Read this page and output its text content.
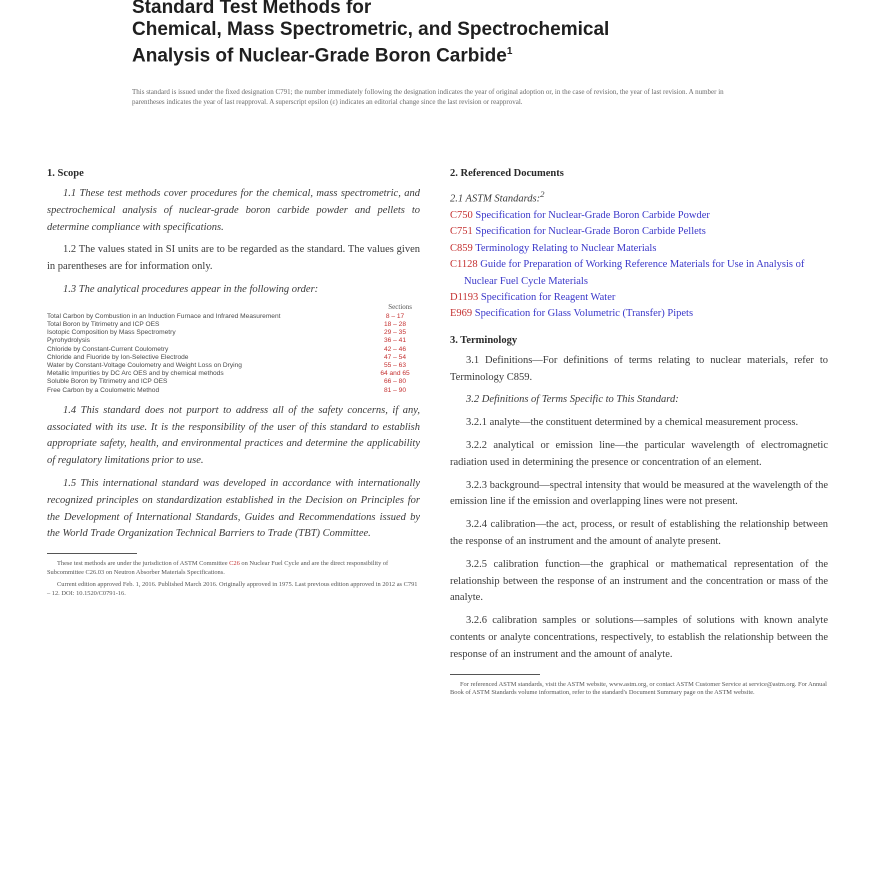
Standard Test Methods for
Chemical, Mass Spectrometric, and Spectrochemical
Analysis of Nuclear-Grade Boron Carbide$^1$
This standard is issued under the fixed designation C791; the number immediately following the designation indicates the year of original adoption or, in the case of revision, the year of last revision. A number in parentheses indicates the year of last reapproval. A superscript epsilon (ε) indicates an editorial change since the last revision or reapproval.
1. Scope

1.1 These test methods cover procedures for the chemical, mass spectrometric, and spectrochemical analysis of nuclear-grade boron carbide powder and pellets to determine compliance with specifications.

1.2 The values stated in SI units are to be regarded as the standard. The values given in parentheses are for information only.

1.3 The analytical procedures appear in the following order:

Sections
Total Carbon by Combustion in an Induction Furnace and Infrared Measurement	8 – 17
Total Boron by Titrimetry and ICP OES	18 – 28
Isotopic Composition by Mass Spectrometry	29 – 35
Pyrohydrolysis	36 – 41
Chloride by Constant-Current Coulometry	42 – 46
Chloride and Fluoride by Ion-Selective Electrode	47 – 54
Water by Constant-Voltage Coulometry and Weight Loss on Drying	55 – 63
Metallic Impurities by DC Arc OES and by chemical methods	64 and 65
Soluble Boron by Titrimetry and ICP OES	66 – 80
Free Carbon by a Coulometric Method	81 – 90

1.4 This standard does not purport to address all of the safety concerns, if any, associated with its use. It is the responsibility of the user of this standard to establish appropriate safety, health, and environmental practices and determine the applicability of regulatory limitations prior to use.

1.5 This international standard was developed in accordance with internationally recognized principles on standardization established in the Decision on Principles for the Development of International Standards, Guides and Recommendations issued by the World Trade Organization Technical Barriers to Trade (TBT) Committee.

These test methods are under the jurisdiction of ASTM Committee C26 on Nuclear Fuel Cycle and are the direct responsibility of Subcommittee C26.03 on Neutron Absorber Materials Specifications.

Current edition approved Feb. 1, 2016. Published March 2016. Originally approved in 1975. Last previous edition approved in 2012 as C791 – 12. DOI: 10.1520/C0791-16.

2. Referenced Documents

2.1 ASTM Standards:$^2$

C750 Specification for Nuclear-Grade Boron Carbide Powder

C751 Specification for Nuclear-Grade Boron Carbide Pellets

C859 Terminology Relating to Nuclear Materials

C1128 Guide for Preparation of Working Reference Materials for Use in Analysis of Nuclear Fuel Cycle Materials

D1193 Specification for Reagent Water

E969 Specification for Glass Volumetric (Transfer) Pipets

3. Terminology

3.1 Definitions—For definitions of terms relating to nuclear materials, refer to Terminology C859.

3.2 Definitions of Terms Specific to This Standard:

3.2.1 analyte—the constituent determined by a chemical measurement process.

3.2.2 analytical or emission line—the particular wavelength of electromagnetic radiation used in determining the presence or concentration of an element.

3.2.3 background—spectral intensity that would be measured at the wavelength of the emission line if the emission and overlapping lines were not present.

3.2.4 calibration—the act, process, or result of establishing the relationship between the response of an instrument and the amount of analyte present.

3.2.5 calibration function—the graphical or mathematical representation of the relationship between the response of an instrument and the concentration or mass of the analyte.

3.2.6 calibration samples or solutions—samples of solutions with known analyte contents or analyte concentrations, respectively, to establish the relationship between the response of an instrument and the amount of analyte.

For referenced ASTM standards, visit the ASTM website, www.astm.org, or contact ASTM Customer Service at service@astm.org. For Annual Book of ASTM Standards volume information, refer to the standard's Document Summary page on the ASTM website.
